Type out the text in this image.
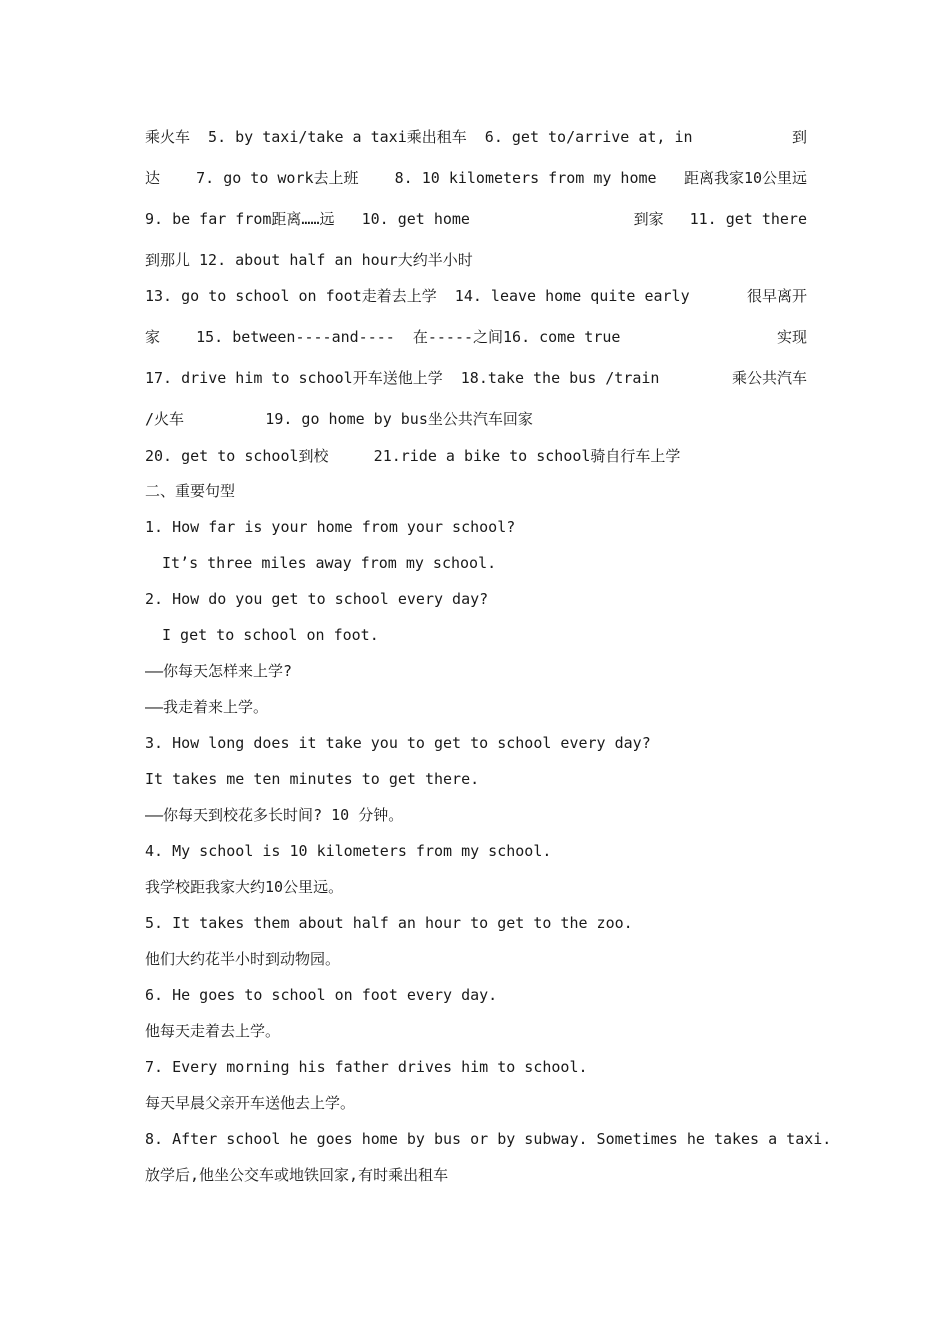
乘火车  5. by taxi/take a taxi乘出租车  6. get to/arrive at, in	到
达    7. go to work去上班    8. 10 kilometers from my home 距离我家10公里远
9. be far from距离……远   10. get home	到家 11. get there
到那儿 12. about half an hour大约半小时
13. go to school on foot走着去上学  14. leave home quite early	很早离开
家    15. between----and----  在-----之间16. come true	实现
17. drive him to school开车送他上学  18.take the bus /train	乘公共汽车
/火车         19. go home by bus坐公共汽车回家
20. get to school到校     21.ride a bike to school骑自行车上学
二、重要句型
1. How far is your home from your school?
It’s three miles away from my school.
2. How do you get to school every day?
I get to school on foot.
——你每天怎样来上学?
——我走着来上学。
3. How long does it take you to get to school every day?
It takes me ten minutes to get there.
——你每天到校花多长时间? 10 分钟。
4. My school is 10 kilometers from my school.
我学校距我家大约10公里远。
5. It takes them about half an hour to get to the zoo.
他们大约花半小时到动物园。
6. He goes to school on foot every day.
他每天走着去上学。
7. Every morning his father drives him to school.
每天早晨父亲开车送他去上学。
8. After school he goes home by bus or by subway. Sometimes he takes a taxi.
放学后,他坐公交车或地铁回家,有时乘出租车
